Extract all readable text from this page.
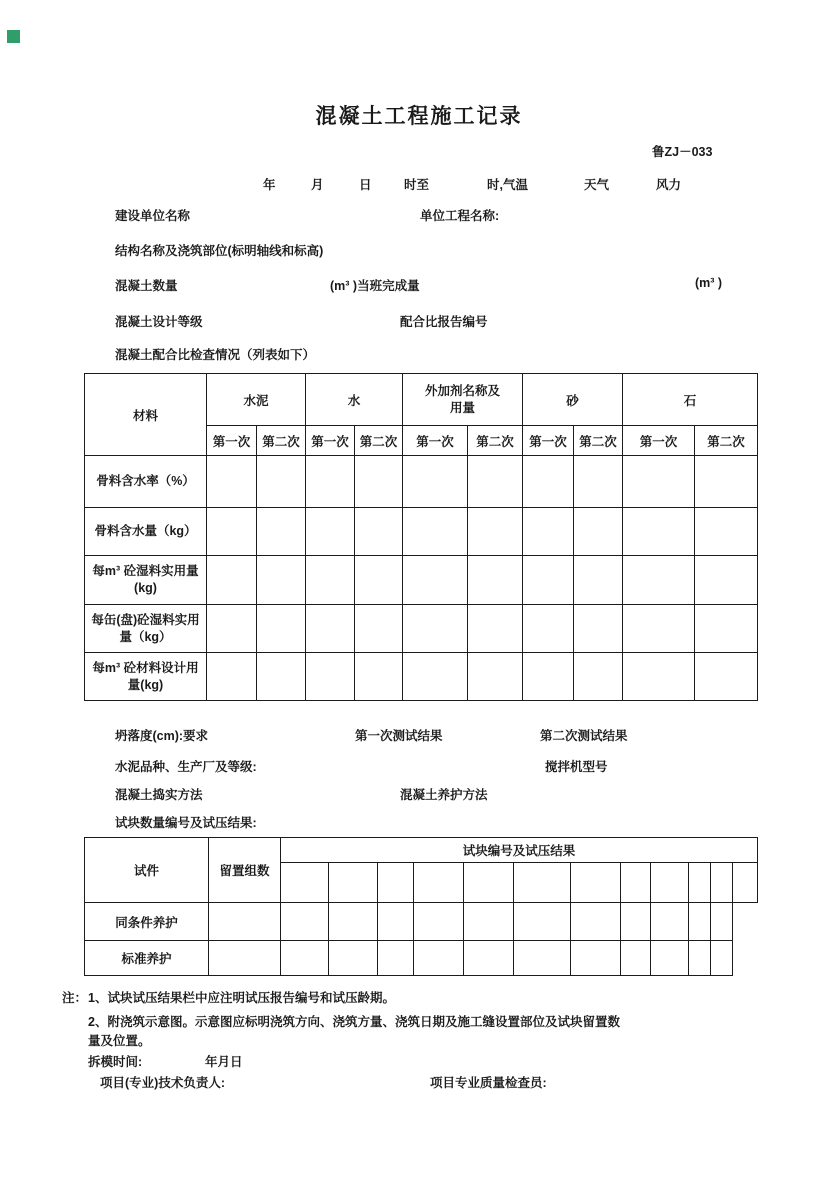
混凝土工程施工记录
鲁ZJ－033
年	月	日	时至	时,气温	天气	风力
建设单位名称	单位工程名称:
结构名称及浇筑部位(标明轴线和标高)
混凝土数量	(m³ )当班完成量	(m³ )
混凝土设计等级	配合比报告编号
混凝土配合比检查情况（列表如下）
材料	水泥		水		外加剂名称及用量		砂		石	
	第一次	第二次	第一次	第二次	第一次	第二次	第一次	第二次	第一次	第二次
骨料含水率（%）										
骨料含水量（kg）										
每m³ 砼湿料实用量(kg)										
每缶(盘)砼湿料实用量（kg）										
每m³ 砼材料设计用量(kg)										
坍落度(cm):要求	第一次测试结果	第二次测试结果
水泥品种、生产厂及等级:	搅拌机型号
混凝土捣实方法	混凝土养护方法
试块数量编号及试压结果:
试件	留置组数	试块编号及试压结果											

同条件养护													
标准养护													
注： 1、试块试压结果栏中应注明试压报告编号和试压龄期。
2、附浇筑示意图。示意图应标明浇筑方向、浇筑方量、浇筑日期及施工缝设置部位及试块留置数
量及位置。
拆模时间:	年月日
项目(专业)技术负责人:	项目专业质量检查员:
